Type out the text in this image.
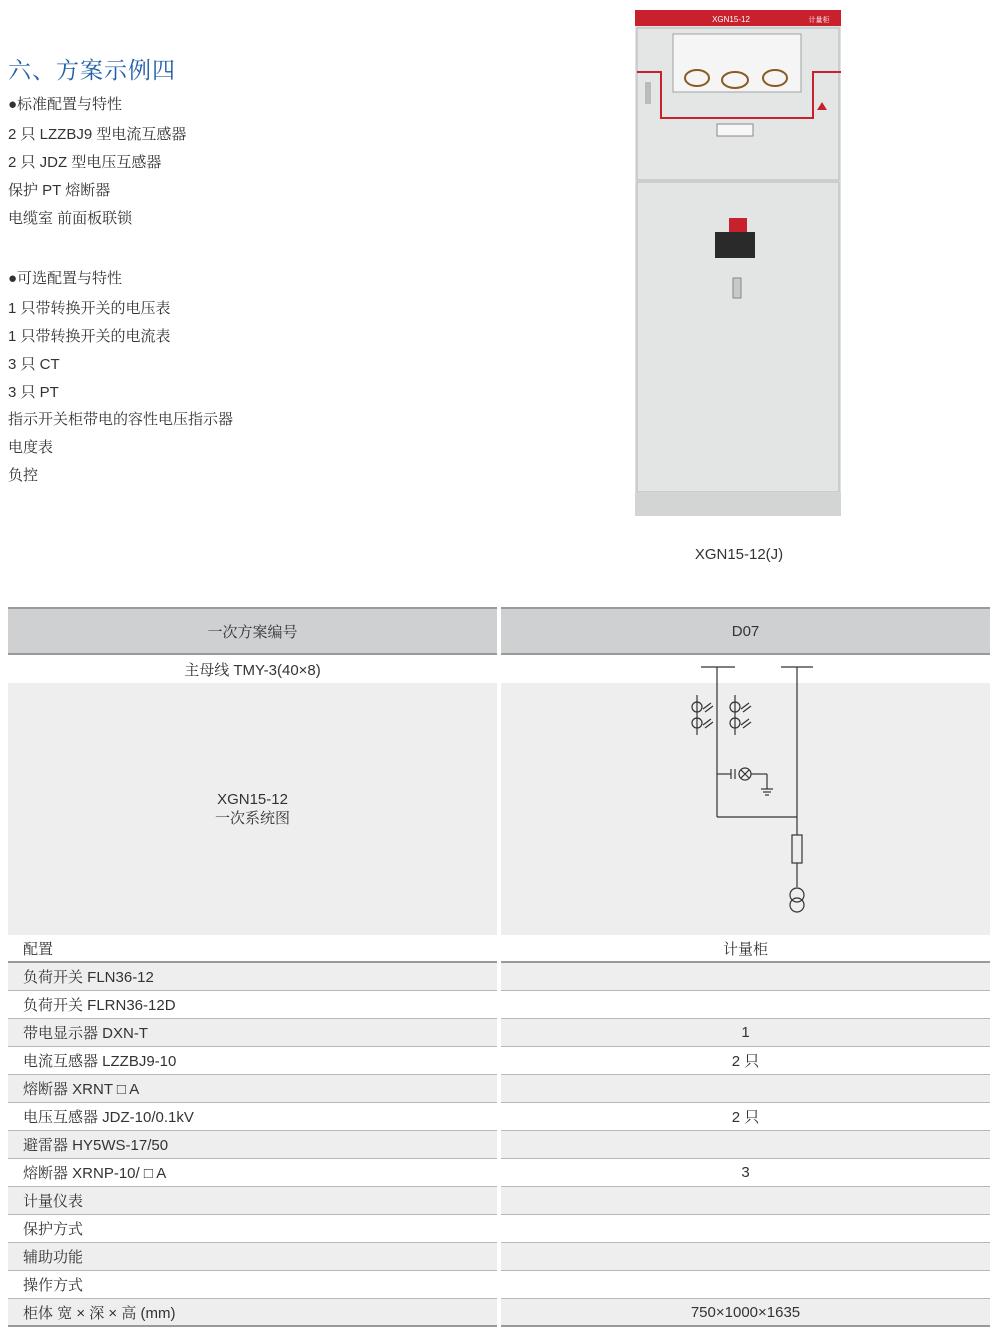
六、方案示例四
●标准配置与特性
2 只 LZZBJ9 型电流互感器
2 只 JDZ 型电压互感器
保护 PT 熔断器
电缆室 前面板联锁
●可选配置与特性
1 只带转换开关的电压表
1 只带转换开关的电流表
3 只 CT
3 只 PT
指示开关柜带电的容性电压指示器
电度表
负控
XGN15-12	计量柜
XGN15-12(J)
一次方案编号	D07
主母线 TMY-3(40×8)
XGN15-12
一次系统图
配置	计量柜
负荷开关 FLN36-12
负荷开关 FLRN36-12D
带电显示器 DXN-T	1
电流互感器 LZZBJ9-10	2 只
熔断器 XRNT □ A
电压互感器 JDZ-10/0.1kV	2 只
避雷器 HY5WS-17/50
熔断器 XRNP-10/ □ A	3
计量仪表
保护方式
辅助功能
操作方式
柜体 宽 × 深 × 高 (mm)	750×1000×1635
